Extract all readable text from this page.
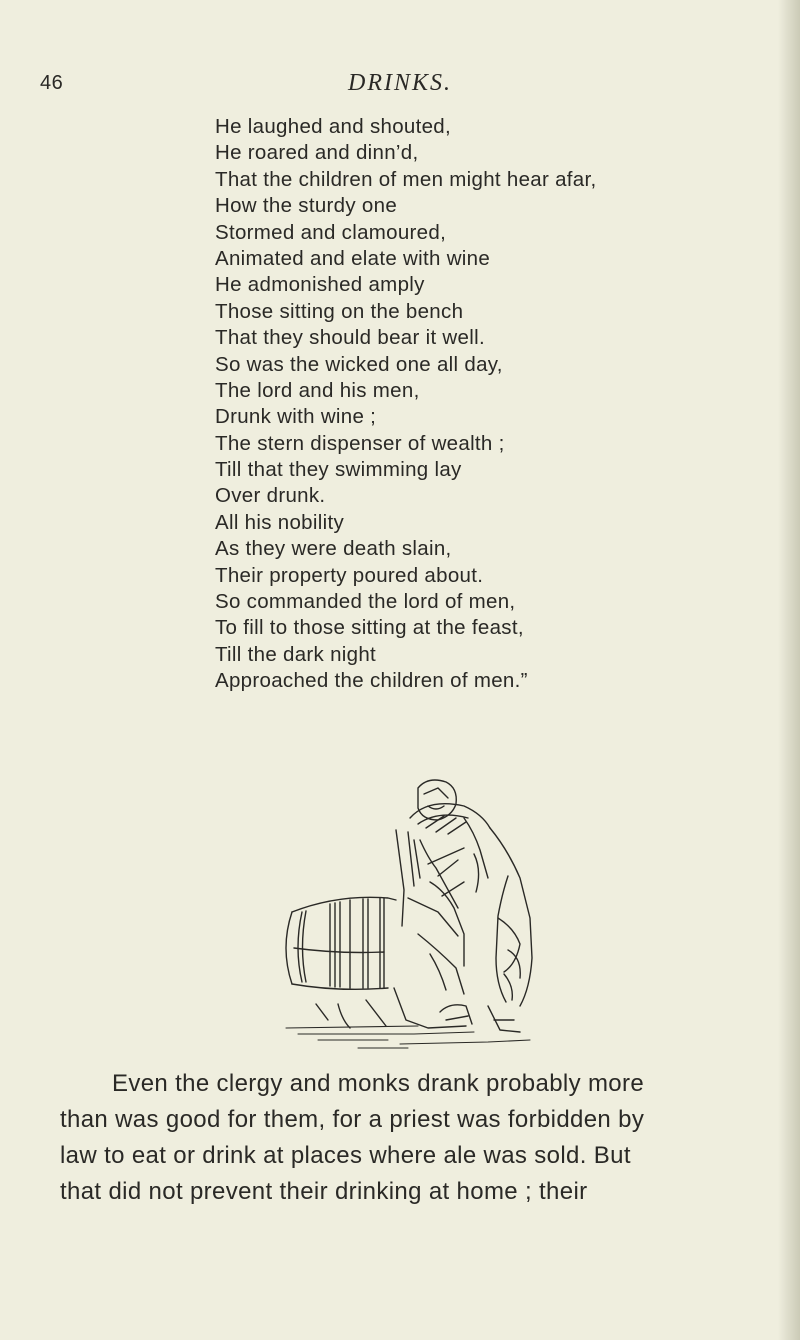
46	DRINKS.
He laughed and shouted,
He roared and dinn’d,
That the children of men might hear afar,
How the sturdy one
Stormed and clamoured,
Animated and elate with wine
He admonished amply
Those sitting on the bench
That they should bear it well.
So was the wicked one all day,
The lord and his men,
Drunk with wine ;
The stern dispenser of wealth ;
Till that they swimming lay
Over drunk.
All his nobility
As they were death slain,
Their property poured about.
So commanded the lord of men,
To fill to those sitting at the feast,
Till the dark night
Approached the children of men.”
Even the clergy and monks drank probably more
than was good for them, for a priest was forbidden by
law to eat or drink at places where ale was sold. But
that did not prevent their drinking at home ; their
